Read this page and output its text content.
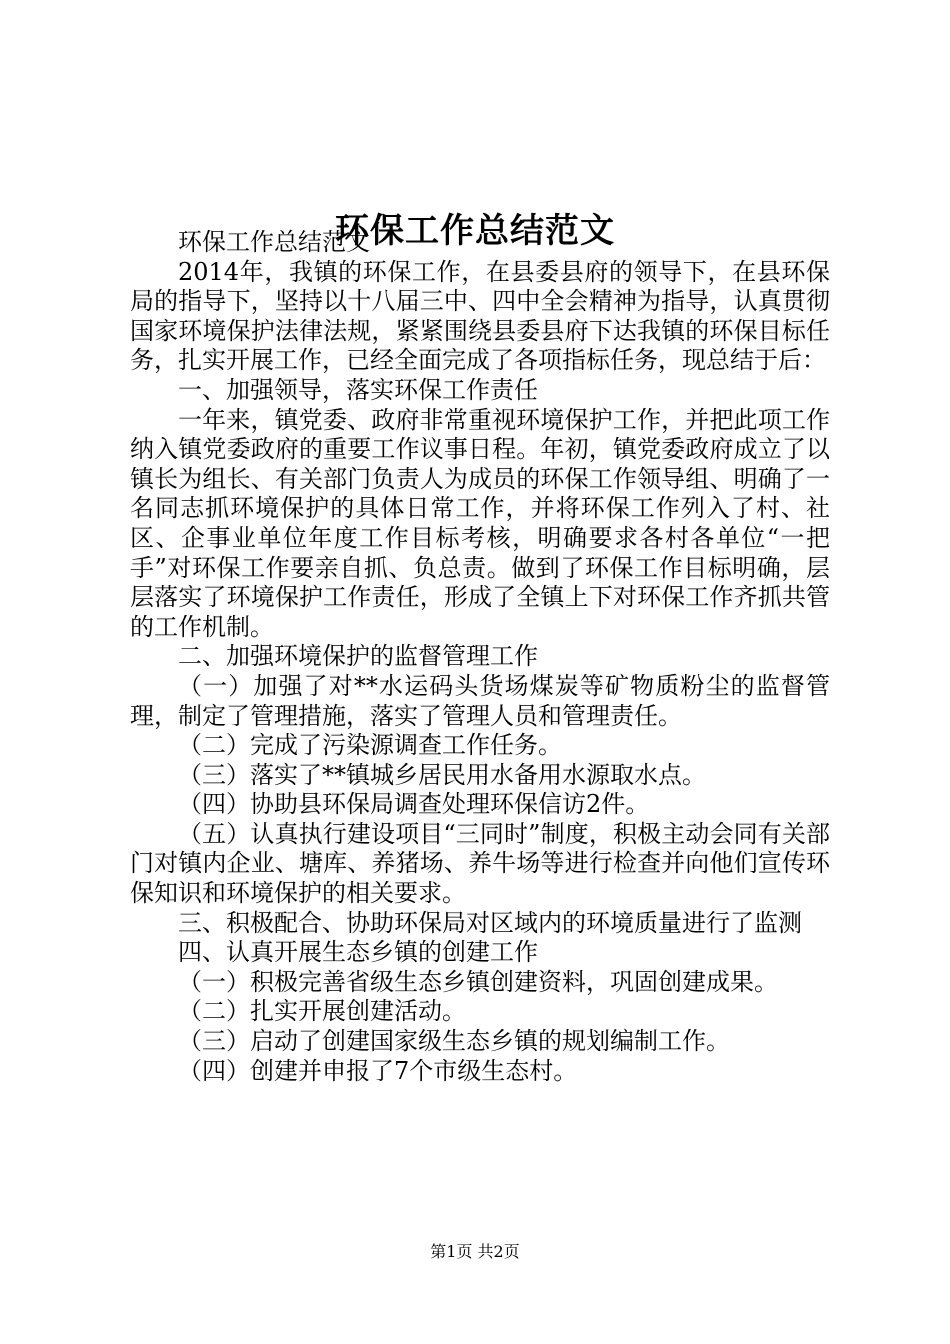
环保工作总结范文

环保工作总结范文

2014年，我镇的环保工作，在县委县府的领导下，在县环保局的指导下，坚持以十八届三中、四中全会精神为指导，认真贯彻国家环境保护法律法规，紧紧围绕县委县府下达我镇的环保目标任务，扎实开展工作，已经全面完成了各项指标任务，现总结于后：

一、加强领导，落实环保工作责任

一年来，镇党委、政府非常重视环境保护工作，并把此项工作纳入镇党委政府的重要工作议事日程。年初，镇党委政府成立了以镇长为组长、有关部门负责人为成员的环保工作领导组、明确了一名同志抓环境保护的具体日常工作，并将环保工作列入了村、社区、企事业单位年度工作目标考核，明确要求各村各单位“一把手”对环保工作要亲自抓、负总责。做到了环保工作目标明确，层层落实了环境保护工作责任，形成了全镇上下对环保工作齐抓共管的工作机制。

二、加强环境保护的监督管理工作

（一）加强了对**水运码头货场煤炭等矿物质粉尘的监督管理，制定了管理措施，落实了管理人员和管理责任。

（二）完成了污染源调查工作任务。

（三）落实了**镇城乡居民用水备用水源取水点。

（四）协助县环保局调查处理环保信访2件。

（五）认真执行建设项目“三同时”制度，积极主动会同有关部门对镇内企业、塘库、养猪场、养牛场等进行检查并向他们宣传环保知识和环境保护的相关要求。

三、积极配合、协助环保局对区域内的环境质量进行了监测

四、认真开展生态乡镇的创建工作

（一）积极完善省级生态乡镇创建资料，巩固创建成果。

（二）扎实开展创建活动。

（三）启动了创建国家级生态乡镇的规划编制工作。

（四）创建并申报了7个市级生态村。

第1页 共2页
